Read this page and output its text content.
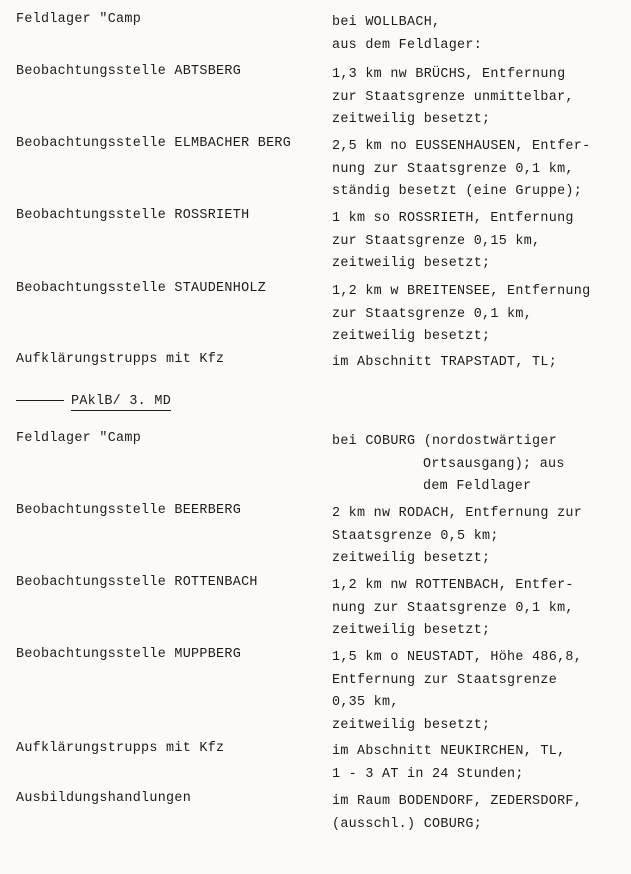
Feldlager "Camp	bei WOLLBACH,
aus dem Feldlager:
Beobachtungsstelle ABTSBERG	1,3 km nw BRÜCHS, Entfernung
zur Staatsgrenze unmittelbar,
zeitweilig besetzt;
Beobachtungsstelle ELMBACHER BERG	2,5 km no EUSSENHAUSEN, Entfer-
nung zur Staatsgrenze 0,1 km,
ständig besetzt (eine Gruppe);
Beobachtungsstelle ROSSRIETH	1 km so ROSSRIETH, Entfernung
zur Staatsgrenze 0,15 km,
zeitweilig besetzt;
Beobachtungsstelle STAUDENHOLZ	1,2 km w BREITENSEE, Entfernung
zur Staatsgrenze 0,1 km,
zeitweilig besetzt;
Aufklärungstrupps mit Kfz	im Abschnitt TRAPSTADT, TL;
PAklB/ 3. MD
Feldlager "Camp	bei COBURG (nordostwärtiger
Ortsausgang); aus
dem Feldlager
Beobachtungsstelle BEERBERG	2 km nw RODACH, Entfernung zur
Staatsgrenze 0,5 km;
zeitweilig besetzt;
Beobachtungsstelle ROTTENBACH	1,2 km nw ROTTENBACH, Entfer-
nung zur Staatsgrenze 0,1 km,
zeitweilig besetzt;
Beobachtungsstelle MUPPBERG	1,5 km o NEUSTADT, Höhe 486,8,
Entfernung zur Staatsgrenze
0,35 km,
zeitweilig besetzt;
Aufklärungstrupps mit Kfz	im Abschnitt NEUKIRCHEN, TL,
1 - 3 AT in 24 Stunden;
Ausbildungshandlungen	im Raum BODENDORF, ZEDERSDORF,
(ausschl.) COBURG;
